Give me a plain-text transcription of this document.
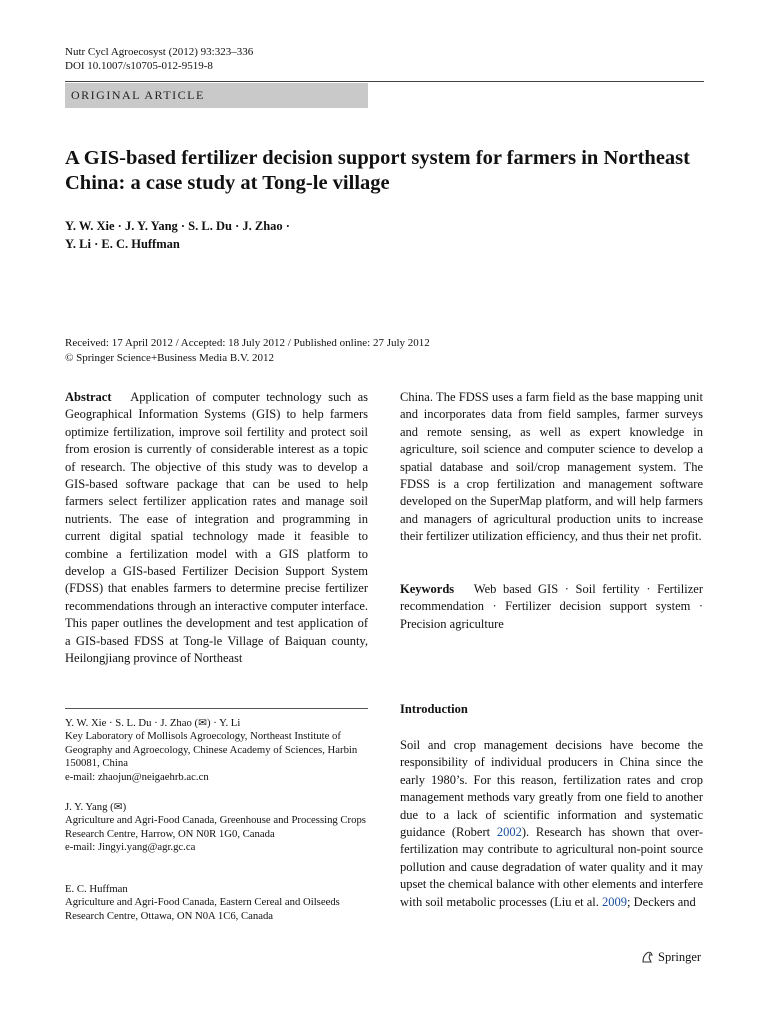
Nutr Cycl Agroecosyst (2012) 93:323–336
DOI 10.1007/s10705-012-9519-8
ORIGINAL ARTICLE
A GIS-based fertilizer decision support system for farmers in Northeast China: a case study at Tong-le village
Y. W. Xie · J. Y. Yang · S. L. Du · J. Zhao ·
Y. Li · E. C. Huffman
Received: 17 April 2012 / Accepted: 18 July 2012 / Published online: 27 July 2012
© Springer Science+Business Media B.V. 2012

Abstract Application of computer technology such as Geographical Information Systems (GIS) to help farmers optimize fertilization, improve soil fertility and protect soil from erosion is currently of considerable interest as a topic of research. The objective of this study was to develop a GIS-based software package that can be used to help farmers select fertilizer application rates and manage soil nutrients. The ease of integration and programming in current digital spatial technology made it feasible to combine a fertilization model with a GIS platform to develop a GIS-based Fertilizer Decision Support System (FDSS) that enables farmers to determine precise fertilizer recommendations through an interactive computer interface. This paper outlines the development and test application of a GIS-based FDSS at Tong-le Village of Baiquan county, Heilongjiang province of Northeast

China. The FDSS uses a farm field as the base mapping unit and incorporates data from field samples, farmer surveys and remote sensing, as well as expert knowledge in agriculture, soil science and computer science to develop a spatial database and soil/crop management system. The FDSS is a crop fertilization and management software developed on the SuperMap platform, and will help farmers and managers of agricultural production units to increase their fertilizer utilization efficiency, and thus their net profit.

Keywords Web based GIS · Soil fertility · Fertilizer recommendation · Fertilizer decision support system · Precision agriculture

Introduction

Soil and crop management decisions have become the responsibility of individual producers in China since the early 1980’s. For this reason, fertilization rates and crop management methods vary greatly from one field to another due to a lack of scientific information and systematic guidance (Robert 2002). Research has shown that over-fertilization may contribute to agricultural non-point source pollution and cause degradation of water quality and it may upset the chemical balance with other elements and interfere with soil metabolic processes (Liu et al. 2009; Deckers and

Y. W. Xie · S. L. Du · J. Zhao (✉) · Y. Li
Key Laboratory of Mollisols Agroecology, Northeast Institute of Geography and Agroecology, Chinese Academy of Sciences, Harbin 150081, China
e-mail: zhaojun@neigaehrb.ac.cn
J. Y. Yang (✉)
Agriculture and Agri-Food Canada, Greenhouse and Processing Crops Research Centre, Harrow, ON N0R 1G0, Canada
e-mail: Jingyi.yang@agr.gc.ca
E. C. Huffman
Agriculture and Agri-Food Canada, Eastern Cereal and Oilseeds Research Centre, Ottawa, ON N0A 1C6, Canada
Springer
